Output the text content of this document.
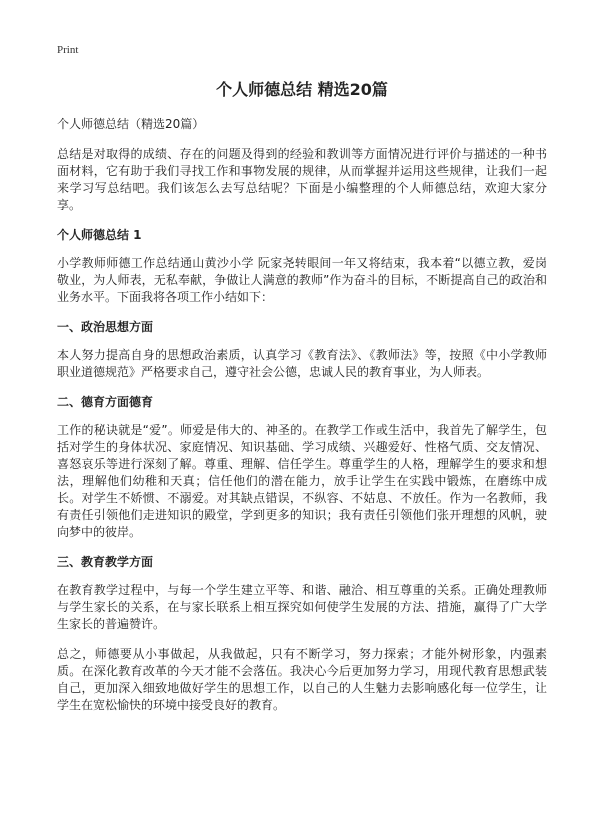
Print
个人师德总结 精选20篇
个人师德总结（精选20篇）

总结是对取得的成绩、存在的问题及得到的经验和教训等方面情况进行评价与描述的一种书面材料，它有助于我们寻找工作和事物发展的规律，从而掌握并运用这些规律，让我们一起来学习写总结吧。我们该怎么去写总结呢？下面是小编整理的个人师德总结，欢迎大家分享。

个人师德总结 1

小学教师师德工作总结通山黄沙小学 阮家尧转眼间一年又将结束，我本着“以德立教，爱岗敬业，为人师表，无私奉献，争做让人满意的教师”作为奋斗的目标，不断提高自己的政治和业务水平。下面我将各项工作小结如下：

一、政治思想方面

本人努力提高自身的思想政治素质，认真学习《教育法》、《教师法》等，按照《中小学教师职业道德规范》严格要求自己，遵守社会公德，忠诚人民的教育事业，为人师表。

二、德育方面德育

工作的秘诀就是“爱”。师爱是伟大的、神圣的。在教学工作或生活中，我首先了解学生，包括对学生的身体状况、家庭情况、知识基础、学习成绩、兴趣爱好、性格气质、交友情况、喜怒哀乐等进行深刻了解。尊重、理解、信任学生。尊重学生的人格，理解学生的要求和想法，理解他们幼稚和天真；信任他们的潜在能力，放手让学生在实践中锻炼，在磨练中成长。对学生不娇惯、不溺爱。对其缺点错误，不纵容、不姑息、不放任。作为一名教师，我有责任引领他们走进知识的殿堂，学到更多的知识；我有责任引领他们张开理想的风帆，驶向梦中的彼岸。

三、教育教学方面

在教育教学过程中，与每一个学生建立平等、和谐、融洽、相互尊重的关系。正确处理教师与学生家长的关系，在与家长联系上相互探究如何使学生发展的方法、措施，赢得了广大学生家长的普遍赞许。

总之，师德要从小事做起，从我做起，只有不断学习，努力探索；才能外树形象，内强素质。在深化教育改革的今天才能不会落伍。我决心今后更加努力学习，用现代教育思想武装自己，更加深入细致地做好学生的思想工作，以自己的人生魅力去影响感化每一位学生，让学生在宽松愉快的环境中接受良好的教育。
